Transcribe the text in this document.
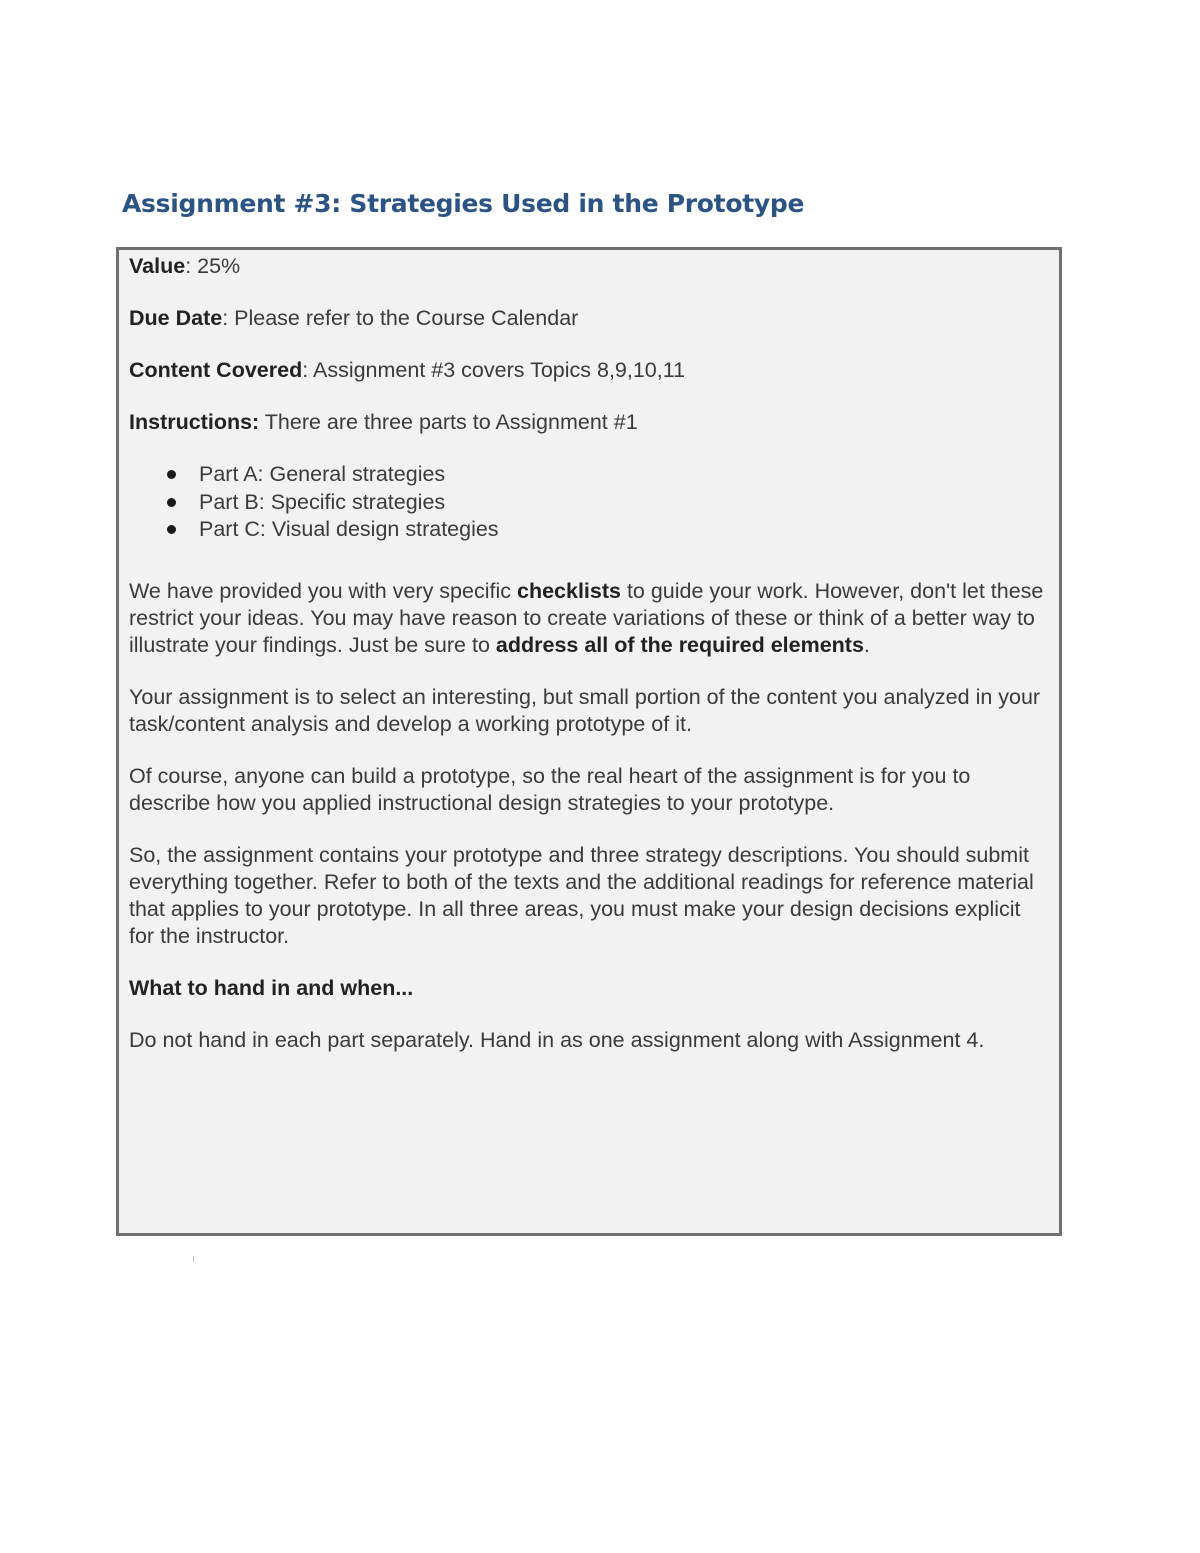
Assignment #3: Strategies Used in the Prototype

Value: 25%

Due Date: Please refer to the Course Calendar

Content Covered: Assignment #3 covers Topics 8,9,10,11

Instructions: There are three parts to Assignment #1

Part A: General strategies
Part B: Specific strategies
Part C: Visual design strategies

We have provided you with very specific checklists to guide your work. However, don't let these restrict your ideas. You may have reason to create variations of these or think of a better way to illustrate your findings. Just be sure to address all of the required elements.

Your assignment is to select an interesting, but small portion of the content you analyzed in your task/content analysis and develop a working prototype of it.

Of course, anyone can build a prototype, so the real heart of the assignment is for you to describe how you applied instructional design strategies to your prototype.

So, the assignment contains your prototype and three strategy descriptions. You should submit everything together. Refer to both of the texts and the additional readings for reference material that applies to your prototype. In all three areas, you must make your design decisions explicit for the instructor.

What to hand in and when...

Do not hand in each part separately. Hand in as one assignment along with Assignment 4.
